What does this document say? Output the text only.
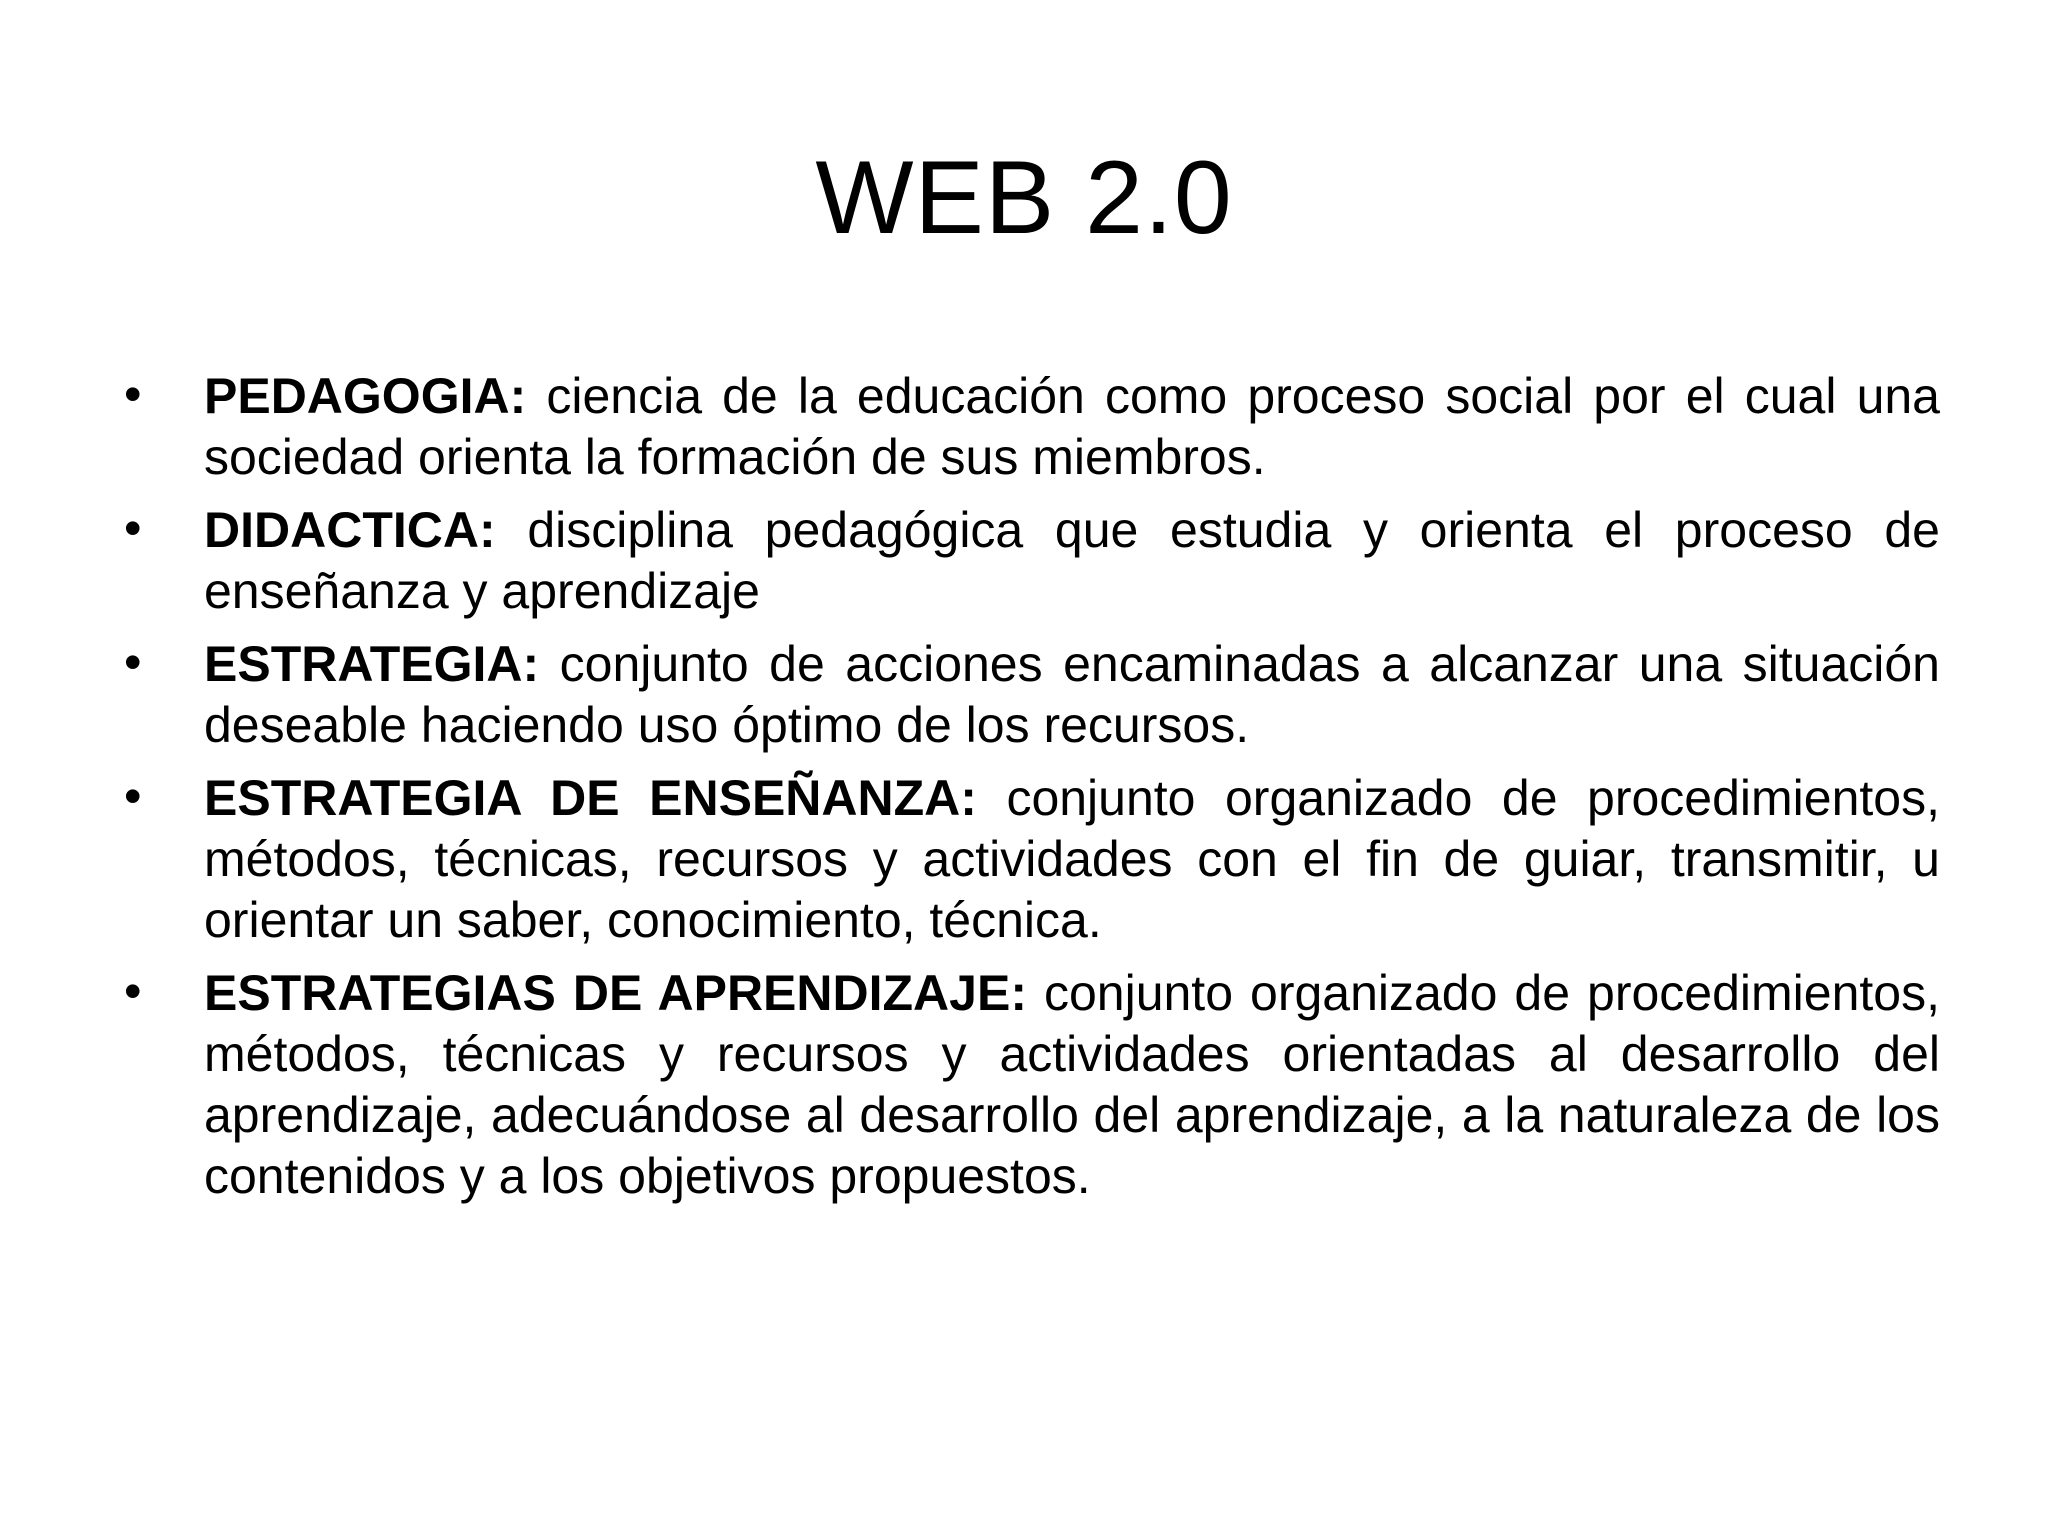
WEB 2.0
•	PEDAGOGIA: ciencia de la educación como proceso social por el cual una sociedad orienta la formación de sus miembros.
•	DIDACTICA: disciplina pedagógica que estudia y orienta el proceso de enseñanza y aprendizaje
•	ESTRATEGIA: conjunto de acciones encaminadas a alcanzar una situación deseable haciendo uso óptimo de los recursos.
•	ESTRATEGIA DE ENSEÑANZA: conjunto organizado de procedimientos, métodos, técnicas, recursos y actividades con el fin de guiar, transmitir, u orientar un saber, conocimiento, técnica.
•	ESTRATEGIAS DE APRENDIZAJE: conjunto organizado de procedimientos, métodos, técnicas y recursos y actividades orientadas al desarrollo del aprendizaje, adecuándose al desarrollo del aprendizaje, a la naturaleza de los contenidos y a los objetivos propuestos.
